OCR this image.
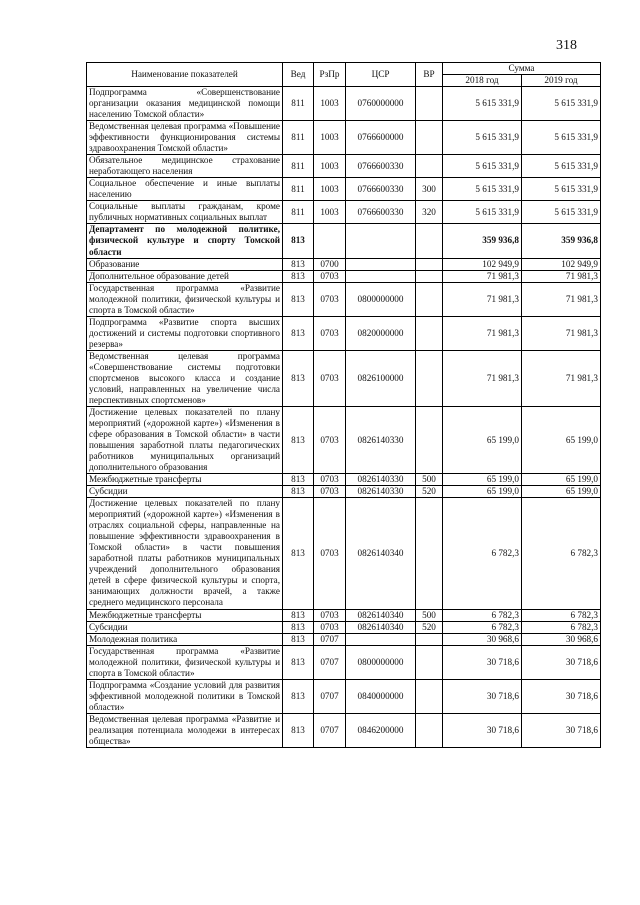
318
Наименование показателей	Вед	РзПр	ЦСР	ВР	Сумма	
					2018 год	2019 год
Подпрограмма «Совершенствование организации оказания медицинской помощи населению Томской области»	811	1003	0760000000		5 615 331,9	5 615 331,9
Ведомственная целевая программа «Повышение эффективности функционирования системы здравоохранения Томской области»	811	1003	0766600000		5 615 331,9	5 615 331,9
Обязательное медицинское страхование неработающего населения	811	1003	0766600330		5 615 331,9	5 615 331,9
Социальное обеспечение и иные выплаты населению	811	1003	0766600330	300	5 615 331,9	5 615 331,9
Социальные выплаты гражданам, кроме публичных нормативных социальных выплат	811	1003	0766600330	320	5 615 331,9	5 615 331,9
Департамент по молодежной политике, физической культуре и спорту Томской области	813				359 936,8	359 936,8
Образование	813	0700			102 949,9	102 949,9
Дополнительное образование детей	813	0703			71 981,3	71 981,3
Государственная программа «Развитие молодежной политики, физической культуры и спорта в Томской области»	813	0703	0800000000		71 981,3	71 981,3
Подпрограмма «Развитие спорта высших достижений и системы подготовки спортивного резерва»	813	0703	0820000000		71 981,3	71 981,3
Ведомственная целевая программа «Совершенствование системы подготовки спортсменов высокого класса и создание условий, направленных на увеличение числа перспективных спортсменов»	813	0703	0826100000		71 981,3	71 981,3
Достижение целевых показателей по плану мероприятий («дорожной карте») «Изменения в сфере образования в Томской области» в части повышения заработной платы педагогических работников муниципальных организаций дополнительного образования	813	0703	0826140330		65 199,0	65 199,0
Межбюджетные трансферты	813	0703	0826140330	500	65 199,0	65 199,0
Субсидии	813	0703	0826140330	520	65 199,0	65 199,0
Достижение целевых показателей по плану мероприятий («дорожной карте») «Изменения в отраслях социальной сферы, направленные на повышение эффективности здравоохранения в Томской области» в части повышения заработной платы работников муниципальных учреждений дополнительного образования детей в сфере физической культуры и спорта, занимающих должности врачей, а также среднего медицинского персонала	813	0703	0826140340		6 782,3	6 782,3
Межбюджетные трансферты	813	0703	0826140340	500	6 782,3	6 782,3
Субсидии	813	0703	0826140340	520	6 782,3	6 782,3
Молодежная политика	813	0707			30 968,6	30 968,6
Государственная программа «Развитие молодежной политики, физической культуры и спорта в Томской области»	813	0707	0800000000		30 718,6	30 718,6
Подпрограмма «Создание условий для развития эффективной молодежной политики в Томской области»	813	0707	0840000000		30 718,6	30 718,6
Ведомственная целевая программа «Развитие и реализация потенциала молодежи в интересах общества»	813	0707	0846200000		30 718,6	30 718,6
